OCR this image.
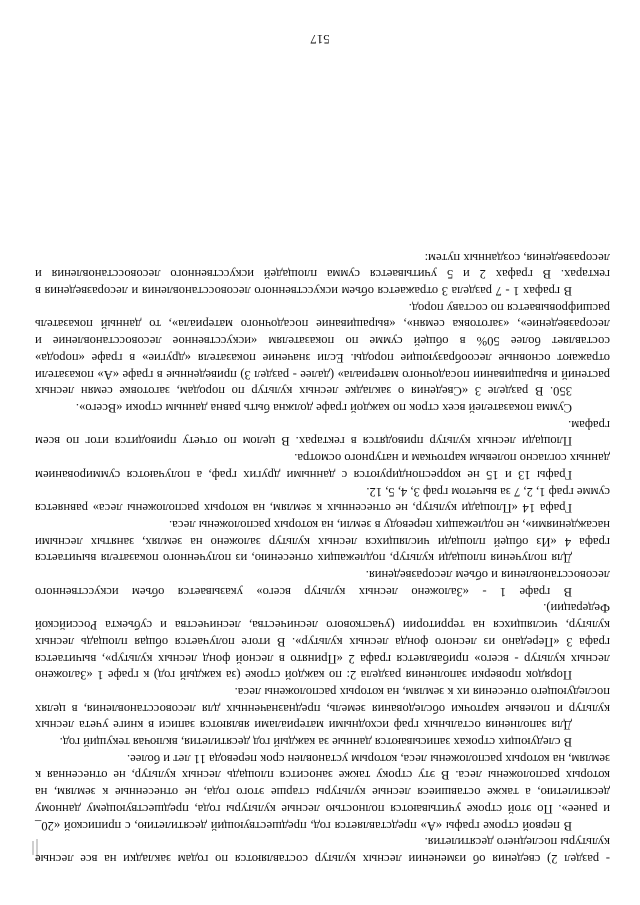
- раздел 2) сведения об изменении лесных культур составляются по годам закладки на все лесные культуры последнего десятилетия.

В первой строке графы «А» представляется год, предшествующий десятилетию, с припиской «20_ и ранее». По этой строке учитываются полностью лесные культуры года, предшествующему данному десятилетию, а также оставшиеся лесные культуры старше этого года, не отнесенные к землям, на которых расположены леса. В эту строку также заносится площадь лесных культур, не отнесенная к землям, на которых расположены леса, которым установлен срок перевода 11 лет и более.

В следующих строках записываются данные за каждый год десятилетия, включая текущий год.

Для заполнения остальных граф исходными материалами являются записи в книге учета лесных культур и полевые карточки обследования земель, предназначенных для лесовосстановления, в целях последующего отнесения их к землям, на которых расположены леса.

Порядок проверки заполнения раздела 2: по каждой строке (за каждый год) к графе 1 «Заложено лесных культур - всего» прибавляется графа 2 «Принято в лесной фонд лесных культур», вычитается графа 3 «Передано из лесного фонда лесных культур». В итоге получается общая площадь лесных культур, числящихся на территории (участкового лесничества, лесничества и субъекта Российской Федерации).

В графе 1 - «Заложено лесных культур всего» указывается объем искусственного лесовосстановления и объем лесоразведения.

Для получения площади культур, подлежащих отнесению, из полученного показателя вычитается графа 4 «Из общей площади числящихся лесных культур заложено на землях, занятых лесными насаждениями», не подлежащих переводу в земли, на которых расположены леса.

Графа 14 «Площади культур, не отнесенных к землям, на которых расположены леса» равняется сумме граф 1, 2, 7 за вычетом граф 3, 4, 5, 12.

Графы 13 и 15 не корреспондируются с данными других граф, а получаются суммированием данных согласно полевым карточкам и натурного осмотра.

Площади лесных культур приводятся в гектарах. В целом по отчету приводится итог по всем графам.

Сумма показателей всех строк по каждой графе должна быть равна данным строки «Всего».

350. В разделе 3 «Сведения о закладке лесных культур по породам, заготовке семян лесных растений и выращивании посадочного материала» (далее - раздел 3) приведенные в графе «А» показатели отражают основные лесообразующие породы. Если значение показателя «другие» в графе «порода» составляет более 50% в общей сумме по показателям «искусственное лесовосстановление и лесоразведение», «заготовка семян», «выращивание посадочного материала», то данный показатель расшифровывается по составу пород.

В графах 1 - 7 раздела 3 отражается объем искусственного лесовосстановления и лесоразведения в гектарах. В графах 2 и 5 учитывается сумма площадей искусственного лесовосстановления и лесоразведения, созданных путем:

517
